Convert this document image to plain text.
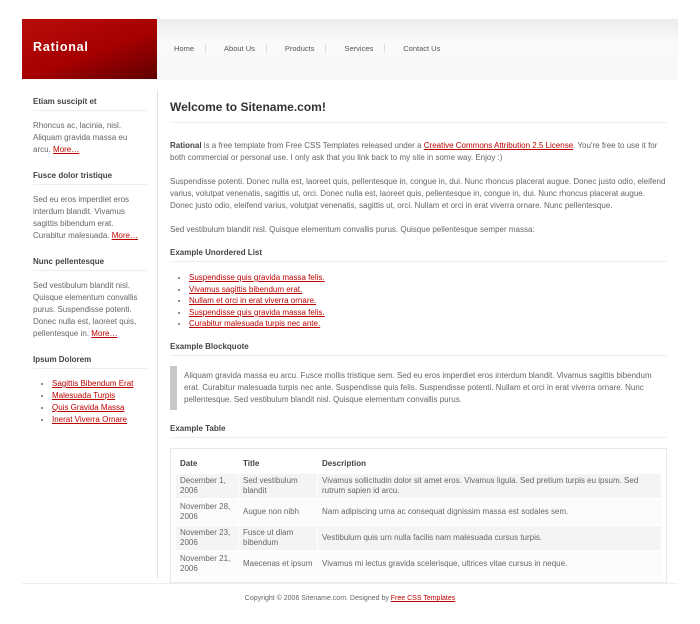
Rational	Home	About Us	Products	Services	Contact Us
Etiam suscipit et

Rhoncus ac, lacinia, nisl. Aliquam gravida massa eu arcu. More…

Fusce dolor tristique

Sed eu eros imperdiet eros interdum blandit. Vivamus sagittis bibendum erat. Curabitur malesuada. More…

Nunc pellentesque

Sed vestibulum blandit nisl. Quisque elementum convallis purus. Suspendisse potenti. Donec nulla est, laoreet quis, pellentesque in. More…

Ipsum Dolorem
• Sagittis Bibendum Erat
• Malesuada Turpis
• Quis Gravida Massa
• Inerat Viverra Ornare
Welcome to Sitename.com!

Rational is a free template from Free CSS Templates released under a Creative Commons Attribution 2.5 License. You're free to use it for both commercial or personal use. I only ask that you link back to my site in some way. Enjoy :)

Suspendisse potenti. Donec nulla est, laoreet quis, pellentesque in, congue in, dui. Nunc rhoncus placerat augue. Donec justo odio, eleifend varius, volutpat venenatis, sagittis ut, orci. Donec nulla est, laoreet quis, pellentesque in, congue in, dui. Nunc rhoncus placerat augue. Donec justo odio, eleifend varius, volutpat venenatis, sagittis ut, orci. Nullam et orci in erat viverra ornare. Nunc pellentesque.

Sed vestibulum blandit nisl. Quisque elementum convallis purus. Quisque pellentesque semper massa:

Example Unordered List
• Suspendisse quis gravida massa felis.
• Vivamus sagittis bibendum erat.
• Nullam et orci in erat viverra ornare.
• Suspendisse quis gravida massa felis.
• Curabitur malesuada turpis nec ante.
Example Blockquote
Aliquam gravida massa eu arcu. Fusce mollis tristique sem. Sed eu eros imperdiet eros interdum blandit. Vivamus sagittis bibendum erat. Curabitur malesuada turpis nec ante. Suspendisse quis felis. Suspendisse potenti. Nullam et orci in erat viverra ornare. Nunc pellentesque. Sed vestibulum blandit nisl. Quisque elementum convallis purus.
Example Table
Date	Title	Description
December 1, 2006	Sed vestibulum blandit	Vivamus sollicitudin dolor sit amet eros. Vivamus ligula. Sed pretium turpis eu ipsum. Sed rutrum sapien id arcu.
November 28, 2006	Augue non nibh	Nam adipiscing urna ac consequat dignissim massa est sodales sem.
November 23, 2006	Fusce ut diam bibendum	Vestibulum quis urn nulla facilis nam malesuada cursus turpis.
November 21, 2006	Maecenas et ipsum	Vivamus mi lectus gravida scelerisque, ultrices vitae cursus in neque.
Copyright © 2006 Sitename.com. Designed by Free CSS Templates
